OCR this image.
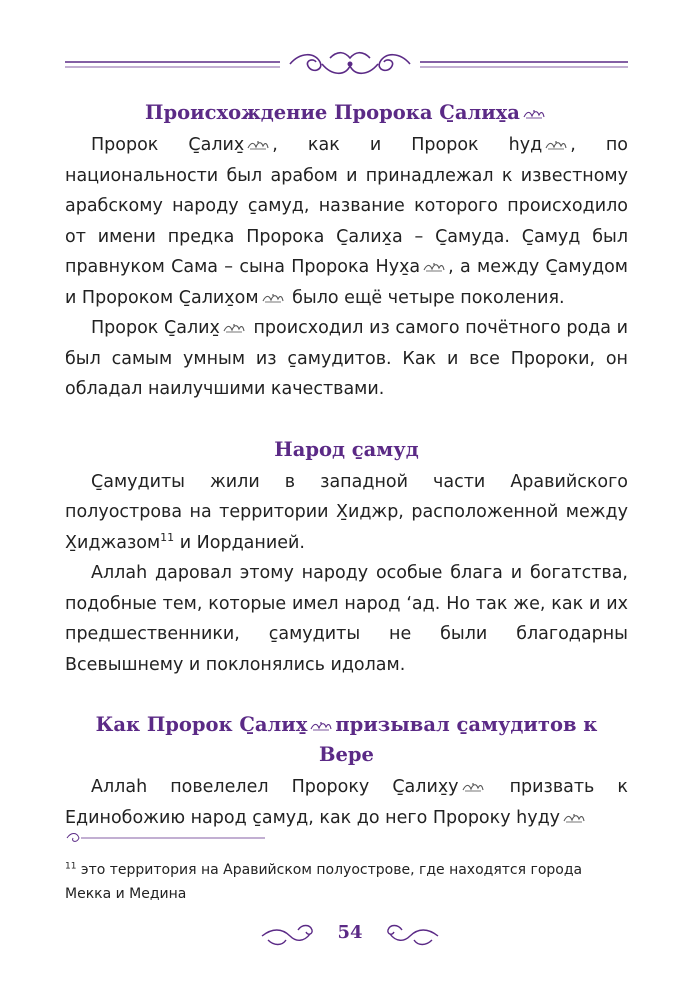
Происхождение Пророка С̱алих̱а

Пророк С̱алих̱ , как и Пророк hуд , по национальности был арабом и принадлежал к известному арабскому народу с̱амуд, название которого происходило от имени предка Пророка С̱алих̱а – С̱амуда. С̱амуд был правнуком Сама – сына Пророка Нух̱а , а между С̱амудом и Пророком С̱алих̱ом
было ещё четыре поколения.

Пророк С̱алих̱
происходил из самого почётного рода и был самым умным из с̱амудитов. Как и все Пророки, он обладал наилучшими качествами.

Народ с̱амуд

С̱амудиты жили в западной части Аравийского полуострова на территории Х̱иджр, расположенной между Х̱иджазом$^{11}$ и Иорданией.

Аллаh даровал этому народу особые блага и богатства, подобные тем, которые имел народ ‘ад. Но так же, как и их предшественники, с̱амудиты не были благодарны Всевышнему и поклонялись идолам.

Как Пророк С̱алих̱ призывал с̱амудитов к Вере

Аллаh повелелел Пророку С̱алих̱у
призвать к Единобожию народ с̱амуд, как до него Пророку hуду

$^{11}$ это территория на Аравийском полуострове, где находятся города Мекка и Медина
54
